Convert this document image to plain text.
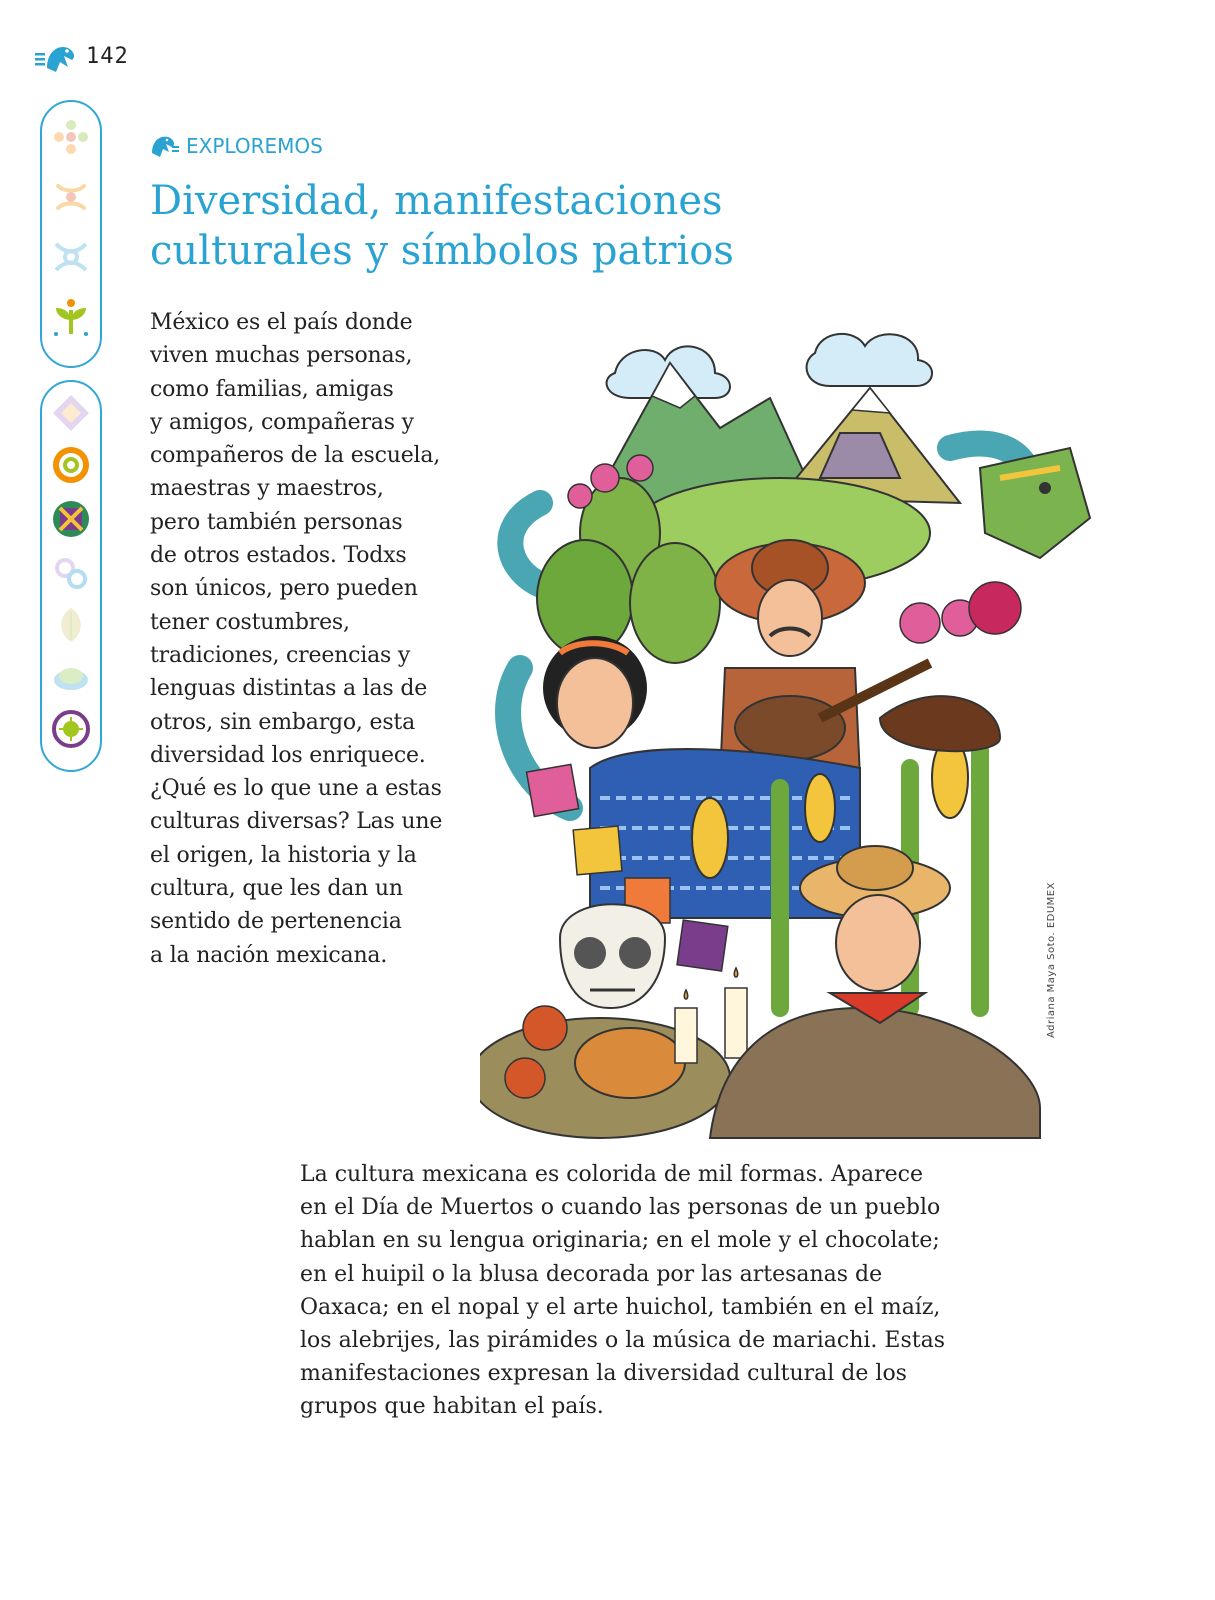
142
EXPLOREMOS
Diversidad, manifestaciones
culturales y símbolos patrios
México es el país donde
viven muchas personas,
como familias, amigas
y amigos, compañeras y
compañeros de la escuela,
maestras y maestros,
pero también personas
de otros estados. Todxs
son únicos, pero pueden
tener costumbres,
tradiciones, creencias y
lenguas distintas a las de
otros, sin embargo, esta
diversidad los enriquece.
¿Qué es lo que une a estas
culturas diversas? Las une
el origen, la historia y la
cultura, que les dan un
sentido de pertenencia
a la nación mexicana.	Adriana Maya Soto. EDUMEX
La cultura mexicana es colorida de mil formas. Aparece
en el Día de Muertos o cuando las personas de un pueblo
hablan en su lengua originaria; en el mole y el chocolate;
en el huipil o la blusa decorada por las artesanas de
Oaxaca; en el nopal y el arte huichol, también en el maíz,
los alebrijes, las pirámides o la música de mariachi. Estas
manifestaciones expresan la diversidad cultural de los
grupos que habitan el país.
